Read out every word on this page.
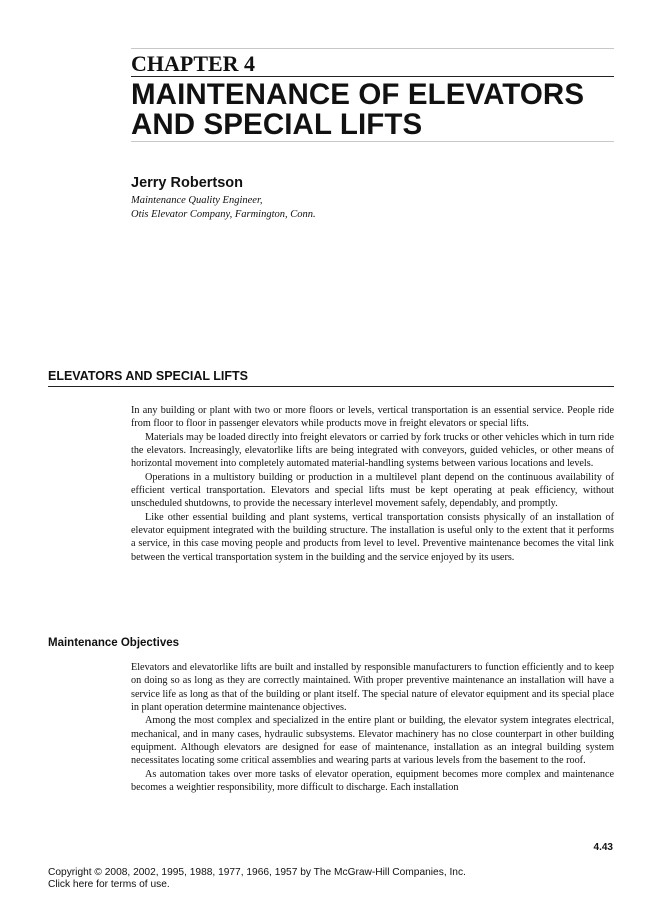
CHAPTER 4
MAINTENANCE OF ELEVATORS
AND SPECIAL LIFTS
Jerry Robertson
Maintenance Quality Engineer,
Otis Elevator Company, Farmington, Conn.
ELEVATORS AND SPECIAL LIFTS

In any building or plant with two or more floors or levels, vertical transportation is an essential service. People ride from floor to floor in passenger elevators while products move in freight elevators or special lifts.

Materials may be loaded directly into freight elevators or carried by fork trucks or other vehicles which in turn ride the elevators. Increasingly, elevatorlike lifts are being integrated with conveyors, guided vehicles, or other means of horizontal movement into completely automated material-handling systems between various locations and levels.

Operations in a multistory building or production in a multilevel plant depend on the continuous availability of efficient vertical transportation. Elevators and special lifts must be kept operating at peak efficiency, without unscheduled shutdowns, to provide the necessary interlevel movement safely, dependably, and promptly.

Like other essential building and plant systems, vertical transportation consists physically of an installation of elevator equipment integrated with the building structure. The installation is useful only to the extent that it performs a service, in this case moving people and products from level to level. Preventive maintenance becomes the vital link between the vertical transportation system in the building and the service enjoyed by its users.

Maintenance Objectives

Elevators and elevatorlike lifts are built and installed by responsible manufacturers to function efficiently and to keep on doing so as long as they are correctly maintained. With proper preventive maintenance an installation will have a service life as long as that of the building or plant itself. The special nature of elevator equipment and its special place in plant operation determine maintenance objectives.

Among the most complex and specialized in the entire plant or building, the elevator system integrates electrical, mechanical, and in many cases, hydraulic subsystems. Elevator machinery has no close counterpart in other building equipment. Although elevators are designed for ease of maintenance, installation as an integral building system necessitates locating some critical assemblies and wearing parts at various levels from the basement to the roof.

As automation takes over more tasks of elevator operation, equipment becomes more complex and maintenance becomes a weightier responsibility, more difficult to discharge. Each installation

4.43
Copyright © 2008, 2002, 1995, 1988, 1977, 1966, 1957 by The McGraw-Hill Companies, Inc.
Click here for terms of use.
